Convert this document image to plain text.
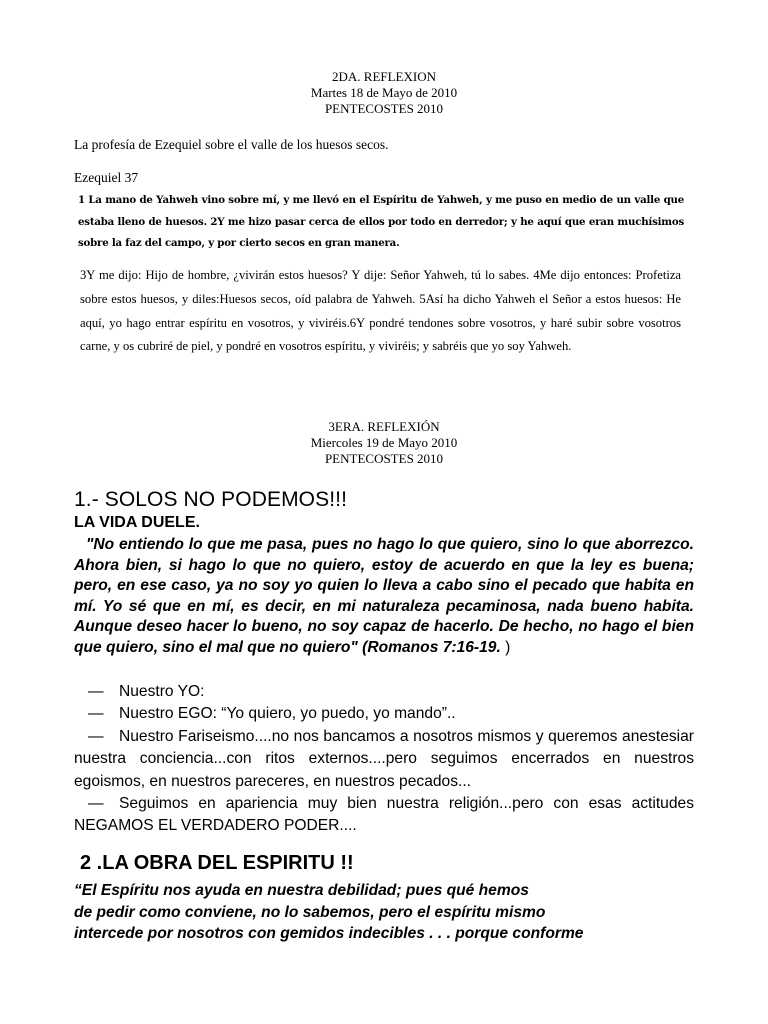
2DA. REFLEXION
Martes 18 de Mayo de 2010
PENTECOSTES 2010
La profesía de Ezequiel sobre el valle de los huesos secos.
Ezequiel 37

1 La mano de Yahweh vino sobre mí, y me llevó en el Espíritu de Yahweh, y me puso en medio de un valle que estaba lleno de huesos. 2Y me hizo pasar cerca de ellos por todo en derredor; y he aquí que eran muchísimos sobre la faz del campo, y por cierto secos en gran manera.

3Y me dijo: Hijo de hombre, ¿vivirán estos huesos? Y dije: Señor Yahweh, tú lo sabes. 4Me dijo entonces: Profetiza sobre estos huesos, y diles:Huesos secos, oíd palabra de Yahweh. 5Así ha dicho Yahweh el Señor a estos huesos: He aquí, yo hago entrar espíritu en vosotros, y viviréis.6Y pondré tendones sobre vosotros, y haré subir sobre vosotros carne, y os cubriré de piel, y pondré en vosotros espíritu, y viviréis; y sabréis que yo soy Yahweh.

3ERA. REFLEXIÓN
Miercoles 19 de Mayo 2010
PENTECOSTES 2010
1.- SOLOS NO PODEMOS!!!
LA VIDA DUELE.

"No entiendo lo que me pasa, pues no hago lo que quiero, sino lo que aborrezco. Ahora bien, si hago lo que no quiero, estoy de acuerdo en que la ley es buena; pero, en ese caso, ya no soy yo quien lo lleva a cabo sino el pecado que habita en mí. Yo sé que en mí, es decir, en mi naturaleza pecaminosa, nada bueno habita. Aunque deseo hacer lo bueno, no soy capaz de hacerlo. De hecho, no hago el bien que quiero, sino el mal que no quiero" (Romanos 7:16-19. )

— Nuestro YO:
— Nuestro EGO: “Yo quiero, yo puedo, yo mando”..
— Nuestro Fariseismo....no nos bancamos a nosotros mismos y queremos anestesiar nuestra conciencia...con ritos externos....pero seguimos encerrados en nuestros egoismos, en nuestros pareceres, en nuestros pecados...
— Seguimos en apariencia muy bien nuestra religión...pero con esas actitudes NEGAMOS EL VERDADERO PODER....
2 .LA OBRA DEL ESPIRITU !!
“El Espíritu nos ayuda en nuestra debilidad; pues qué hemos
de pedir como conviene, no lo sabemos, pero el espíritu mismo
intercede por nosotros con gemidos indecibles . . . porque conforme
